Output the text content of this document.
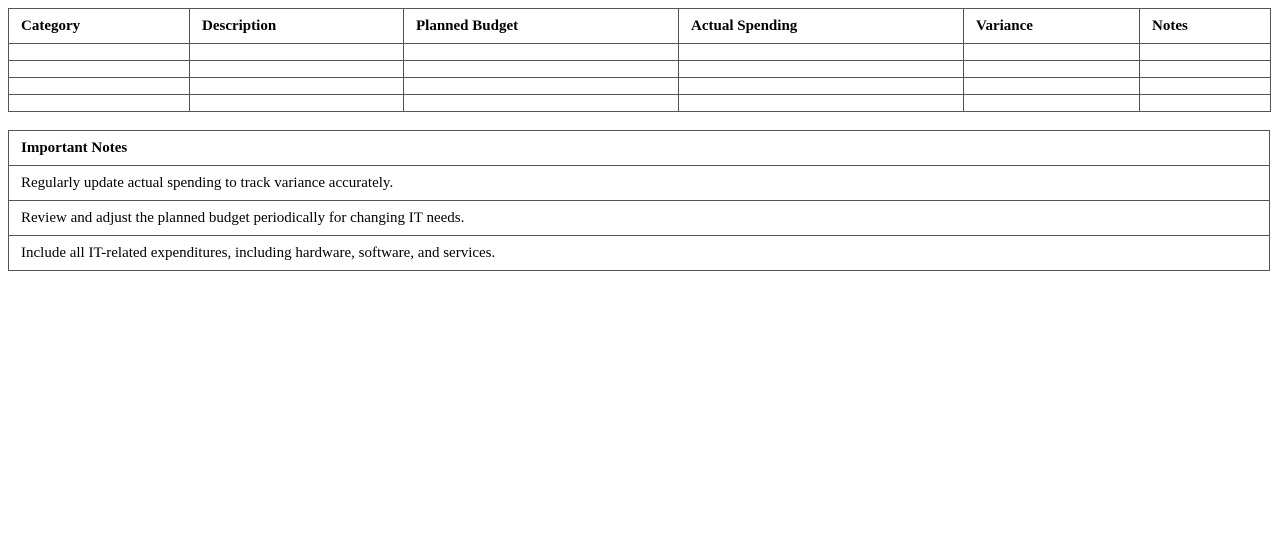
Category	Description	Planned Budget	Actual Spending	Variance	Notes

Important Notes
Regularly update actual spending to track variance accurately.
Review and adjust the planned budget periodically for changing IT needs.
Include all IT-related expenditures, including hardware, software, and services.
